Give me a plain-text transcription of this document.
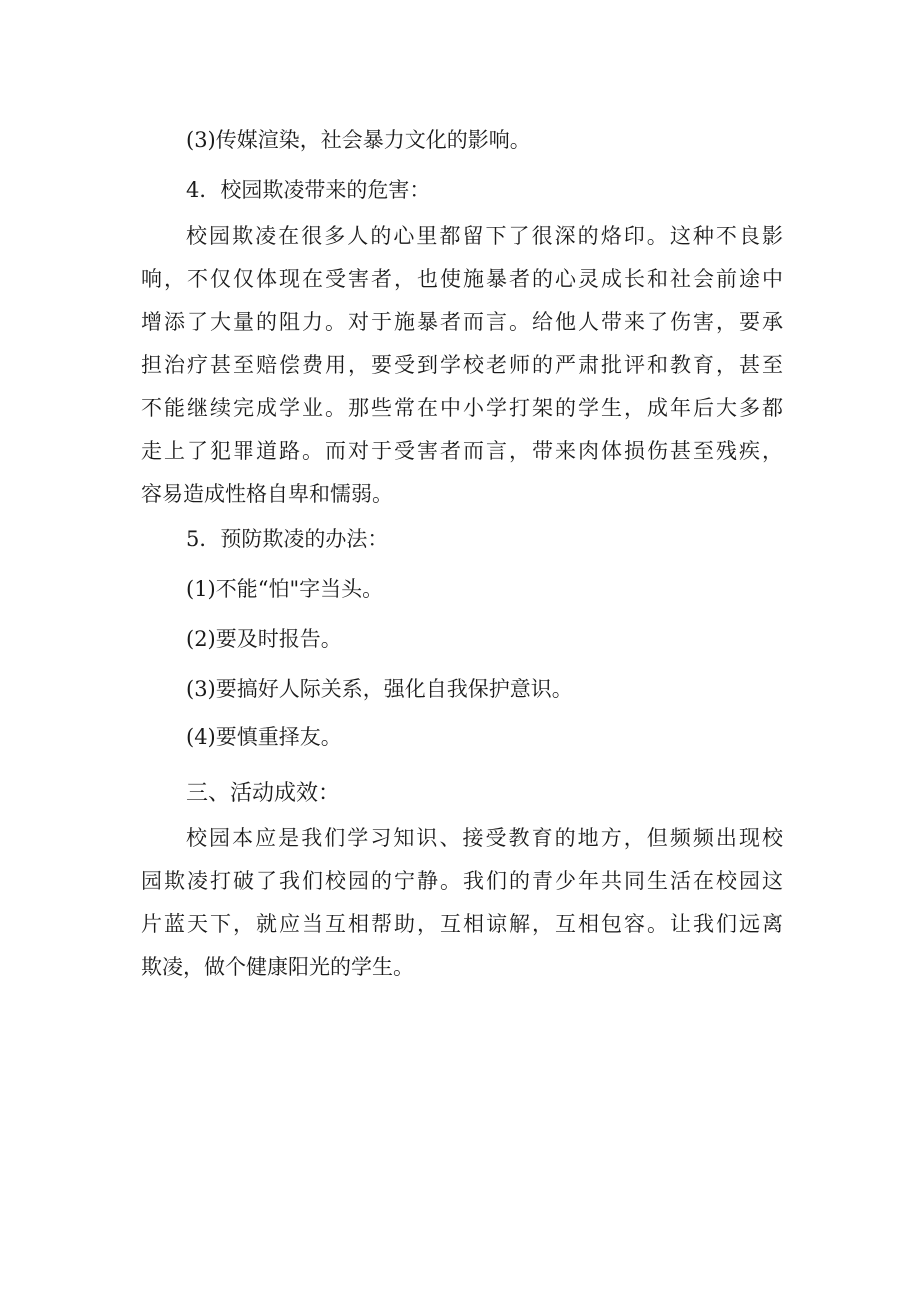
(3)传媒渲染，社会暴力文化的影响。
4．校园欺凌带来的危害：
校园欺凌在很多人的心里都留下了很深的烙印。这种不良影
响，不仅仅体现在受害者，也使施暴者的心灵成长和社会前途中
增添了大量的阻力。对于施暴者而言。给他人带来了伤害，要承
担治疗甚至赔偿费用，要受到学校老师的严肃批评和教育，甚至
不能继续完成学业。那些常在中小学打架的学生，成年后大多都
走上了犯罪道路。而对于受害者而言，带来肉体损伤甚至残疾，
容易造成性格自卑和懦弱。
5．预防欺凌的办法：
(1)不能“怕"字当头。
(2)要及时报告。
(3)要搞好人际关系，强化自我保护意识。
(4)要慎重择友。
三、活动成效：
校园本应是我们学习知识、接受教育的地方，但频频出现校
园欺凌打破了我们校园的宁静。我们的青少年共同生活在校园这
片蓝天下，就应当互相帮助，互相谅解，互相包容。让我们远离
欺凌，做个健康阳光的学生。
